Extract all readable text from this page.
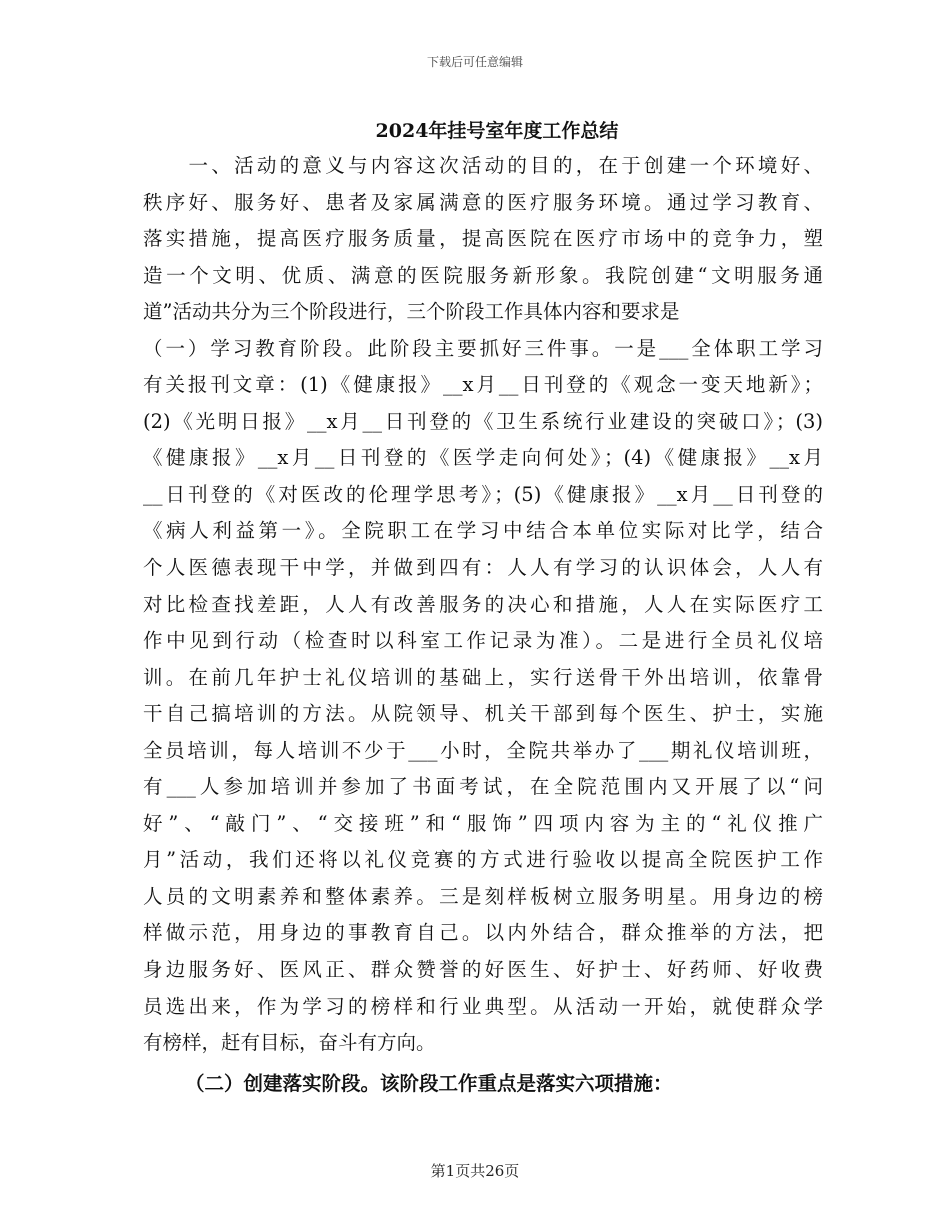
下载后可任意编辑
2024年挂号室年度工作总结
　　一、活动的意义与内容这次活动的目的，在于创建一个环境好、
秩序好、服务好、患者及家属满意的医疗服务环境。通过学习教育、
落实措施，提高医疗服务质量，提高医院在医疗市场中的竞争力，塑
造一个文明、优质、满意的医院服务新形象。我院创建“文明服务通
道”活动共分为三个阶段进行，三个阶段工作具体内容和要求是
（一）学习教育阶段。此阶段主要抓好三件事。一是___全体职工学习
有关报刊文章：(1)《健康报》__x月__日刊登的《观念一变天地新》；
(2)《光明日报》__x月__日刊登的《卫生系统行业建设的突破口》；(3)
《健康报》__x月__日刊登的《医学走向何处》；(4)《健康报》__x月
__日刊登的《对医改的伦理学思考》；(5)《健康报》__x月__日刊登的
《病人利益第一》。全院职工在学习中结合本单位实际对比学，结合
个人医德表现干中学，并做到四有：人人有学习的认识体会，人人有
对比检查找差距，人人有改善服务的决心和措施，人人在实际医疗工
作中见到行动（检查时以科室工作记录为准）。二是进行全员礼仪培
训。在前几年护士礼仪培训的基础上，实行送骨干外出培训，依靠骨
干自己搞培训的方法。从院领导、机关干部到每个医生、护士，实施
全员培训，每人培训不少于___小时，全院共举办了___期礼仪培训班，
有___人参加培训并参加了书面考试，在全院范围内又开展了以“问
好”、“敲门”、“交接班”和“服饰”四项内容为主的“礼仪推广
月”活动，我们还将以礼仪竞赛的方式进行验收以提高全院医护工作
人员的文明素养和整体素养。三是刻样板树立服务明星。用身边的榜
样做示范，用身边的事教育自己。以内外结合，群众推举的方法，把
身边服务好、医风正、群众赞誉的好医生、好护士、好药师、好收费
员选出来，作为学习的榜样和行业典型。从活动一开始，就使群众学
有榜样，赶有目标，奋斗有方向。
（二）创建落实阶段。该阶段工作重点是落实六项措施：
第1页共26页
